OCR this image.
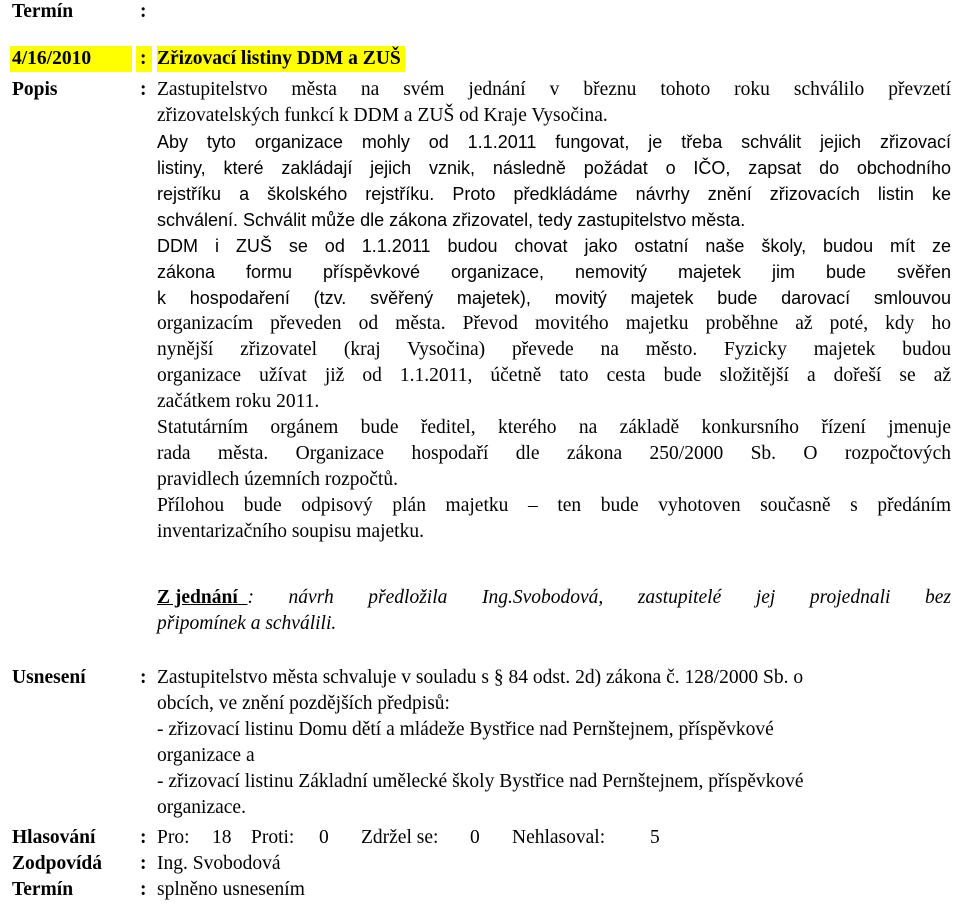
Termín	:
4/16/2010	: Zřizovací listiny DDM a ZUŠ
Popis	: Zastupitelstvo města na svém jednání v březnu tohoto roku schválilo převzetí
zřizovatelských funkcí k DDM a ZUŠ od Kraje Vysočina.
Aby tyto organizace mohly od 1.1.2011 fungovat, je třeba schválit jejich zřizovací
listiny, které zakládají jejich vznik, následně požádat o IČO, zapsat do obchodního
rejstříku a školského rejstříku. Proto předkládáme návrhy znění zřizovacích listin ke
schválení. Schválit může dle zákona zřizovatel, tedy zastupitelstvo města.
DDM i ZUŠ se od 1.1.2011 budou chovat jako ostatní naše školy, budou mít ze
zákona formu příspěvkové organizace, nemovitý majetek jim bude svěřen
k hospodaření (tzv. svěřený majetek), movitý majetek bude darovací smlouvou
organizacím převeden od města. Převod movitého majetku proběhne až poté, kdy ho
nynější zřizovatel (kraj Vysočina) převede na město. Fyzicky majetek budou
organizace užívat již od 1.1.2011, účetně tato cesta bude složitější a dořeší se až
začátkem roku 2011.
Statutárním orgánem bude ředitel, kterého na základě konkursního řízení jmenuje
rada města. Organizace hospodaří dle zákona 250/2000 Sb. O rozpočtových
pravidlech územních rozpočtů.
Přílohou bude odpisový plán majetku – ten bude vyhotoven současně s předáním
inventarizačního soupisu majetku.
Z jednání
: návrh předložila Ing.Svobodová, zastupitelé jej projednali bez
připomínek a schválili.
Usnesení	: Zastupitelstvo města schvaluje v souladu s § 84 odst. 2d) zákona č. 128/2000 Sb. o
obcích, ve znění pozdějších předpisů:
- zřizovací listinu Domu dětí a mládeže Bystřice nad Pernštejnem, příspěvkové
organizace a
- zřizovací listinu Základní umělecké školy Bystřice nad Pernštejnem, příspěvkové
organizace.
Hlasování : Pro: 18 Proti: 0 Zdržel se: 0 Nehlasoval: 5
Zodpovídá : Ing. Svobodová
Termín	: splněno usnesením
